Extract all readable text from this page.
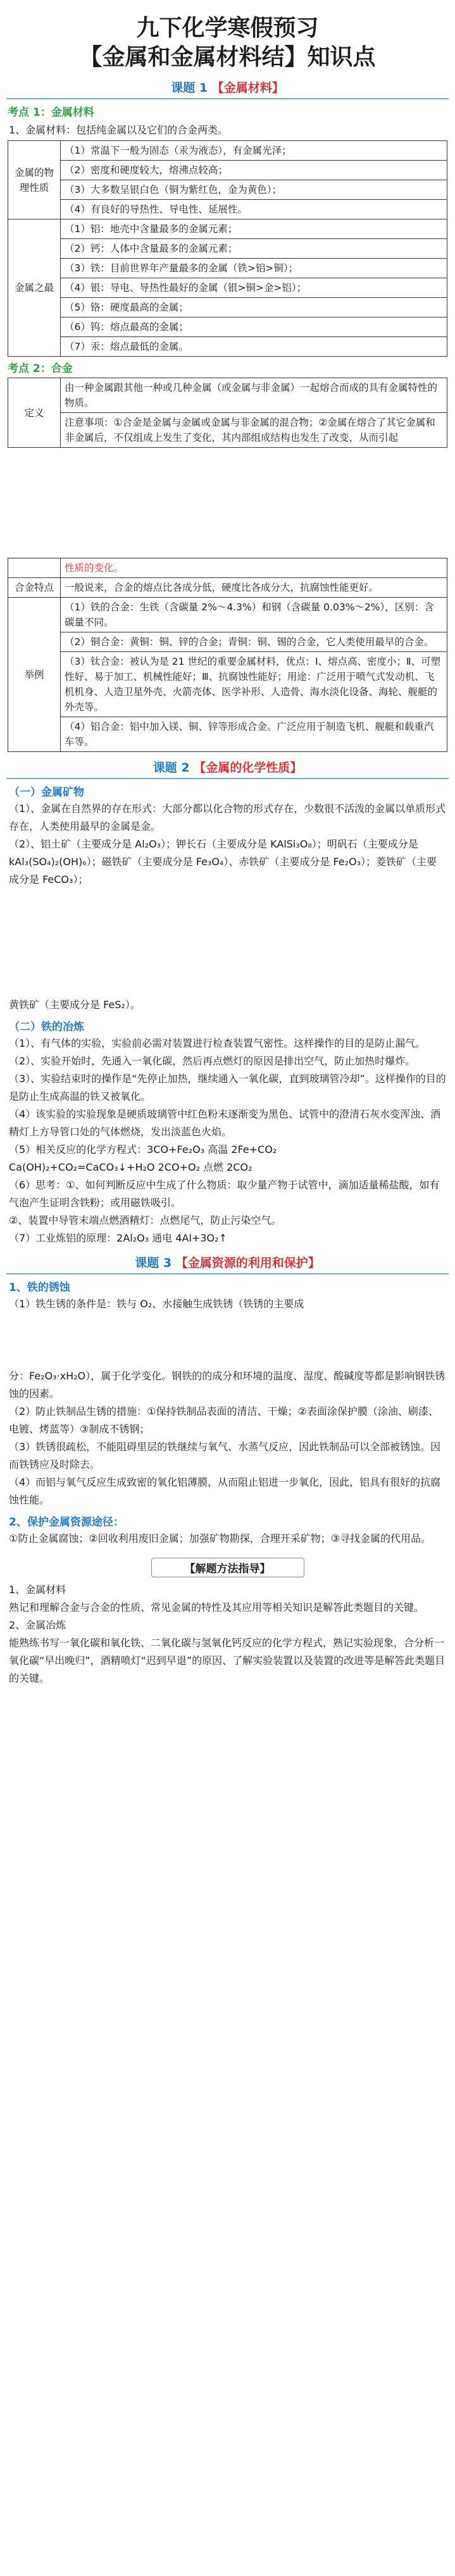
九下化学寒假预习
【金属和金属材料结】知识点
课题 1 【金属材料】
考点 1：金属材料
1、金属材料：包括纯金属以及它们的合金两类。
金属的物理性质	（1）常温下一般为固态（汞为液态），有金属光泽；
	（2）密度和硬度较大，熔沸点较高；
	（3）大多数呈银白色（铜为紫红色，金为黄色）；
	（4）有良好的导热性、导电性、延展性。
金属之最	（1）铝：地壳中含量最多的金属元素；
	（2）钙：人体中含量最多的金属元素；
	（3）铁：目前世界年产量最多的金属（铁>铝>铜）；
	（4）银：导电、导热性最好的金属（银>铜>金>铝）；
	（5）铬：硬度最高的金属；
	（6）钨：熔点最高的金属；
	（7）汞：熔点最低的金属。
考点 2：合金
定义	由一种金属跟其他一种或几种金属（或金属与非金属）一起熔合而成的具有金属特性的物质。
注意事项：①合金是金属与金属或金属与非金属的混合物；②金属在熔合了其它金属和非金属后，不仅组成上发生了变化，其内部组成结构也发生了改变，从而引起
	性质的变化。
合金特点	一般说来，合金的熔点比各成分低，硬度比各成分大，抗腐蚀性能更好。
举例	（1）铁的合金：生铁（含碳量 2%～4.3%）和钢（含碳量 0.03%～2%），区别：含碳量不同。
	（2）铜合金：黄铜：铜、锌的合金；青铜：铜、锡的合金，它人类使用最早的合金。
	（3）钛合金：被认为是 21 世纪的重要金属材料，优点：Ⅰ、熔点高、密度小；Ⅱ、可塑性好、易于加工、机械性能好；Ⅲ、抗腐蚀性能好；用途：广泛用于喷气式发动机、飞机机身、人造卫星外壳、火箭壳体、医学补形、人造骨、海水淡化设备、海轮、舰艇的外壳等。
	（4）铝合金：铝中加入镁、铜、锌等形成合金。广泛应用于制造飞机、舰艇和载重汽车等。
课题 2 【金属的化学性质】
（一）金属矿物
（1）、金属在自然界的存在形式：大部分都以化合物的形式存在，少数很不活泼的金属以单质形式存在，人类使用最早的金属是金。
（2）、铝土矿（主要成分是 Al₂O₃）；钾长石（主要成分是 KAlSi₃O₈）；明矾石（主要成分是 kAl₃(SO₄)₂(OH)₆）；磁铁矿（主要成分是 Fe₃O₄）、赤铁矿（主要成分是 Fe₂O₃）；菱铁矿（主要成分是 FeCO₃）；
黄铁矿（主要成分是 FeS₂）。
（二）铁的冶炼
（1）、有气体的实验，实验前必需对装置进行检查装置气密性。这样操作的目的是防止漏气。
（2）、实验开始时，先通入一氧化碳，然后再点燃灯的原因是排出空气，防止加热时爆炸。
（3）、实验结束时的操作是“先停止加热，继续通入一氧化碳，直到玻璃管冷却”。这样操作的目的是防止生成高温的铁又被氧化。
（4）该实验的实验现象是硬质玻璃管中红色粉末逐渐变为黑色、试管中的澄清石灰水变浑浊、酒精灯上方导管口处的气体燃烧，发出淡蓝色火焰。
（5）相关反应的化学方程式：3CO+Fe₂O₃ 高温 2Fe+CO₂
Ca(OH)₂+CO₂=CaCO₃↓+H₂O 2CO+O₂ 点燃 2CO₂
（6）思考：①、如何判断反应中生成了什么物质：取少量产物于试管中，滴加适量稀盐酸，如有气泡产生证明含铁粉；或用磁铁吸引。
②、装置中导管末端点燃酒精灯：点燃尾气，防止污染空气。
（7）工业炼铝的原理：2Al₂O₃ 通电 4Al+3O₂↑
课题 3 【金属资源的利用和保护】
1、铁的锈蚀
（1）铁生锈的条件是：铁与 O₂、水接触生成铁锈（铁锈的主要成
分：Fe₂O₃·xH₂O），属于化学变化。钢铁的的成分和环境的温度、湿度、酸碱度等都是影响钢铁锈蚀的因素。
（2）防止铁制品生锈的措施：①保持铁制品表面的清洁、干燥；②表面涂保护膜（涂油、刷漆、电镀、烤蓝等）③制成不锈钢；
（3）铁锈很疏松，不能阻碍里层的铁继续与氧气、水蒸气反应，因此铁制品可以全部被锈蚀。因而铁锈应及时除去。
（4）而铝与氧气反应生成致密的氧化铝薄膜，从而阻止铝进一步氧化，因此，铝具有很好的抗腐蚀性能。
2、保护金属资源途径：
①防止金属腐蚀；②回收利用废旧金属；加强矿物勘探，合理开采矿物；③寻找金属的代用品。
【解题方法指导】
1、金属材料
熟记和理解合金与合金的性质、常见金属的特性及其应用等相关知识是解答此类题目的关键。
2、金属冶炼
能熟练书写一氧化碳和氧化铁、二氧化碳与氢氧化钙反应的化学方程式，熟记实验现象，合分析一氧化碳“早出晚归”，酒精喷灯“迟到早退”的原因、了解实验装置以及装置的改进等是解答此类题目的关键。
